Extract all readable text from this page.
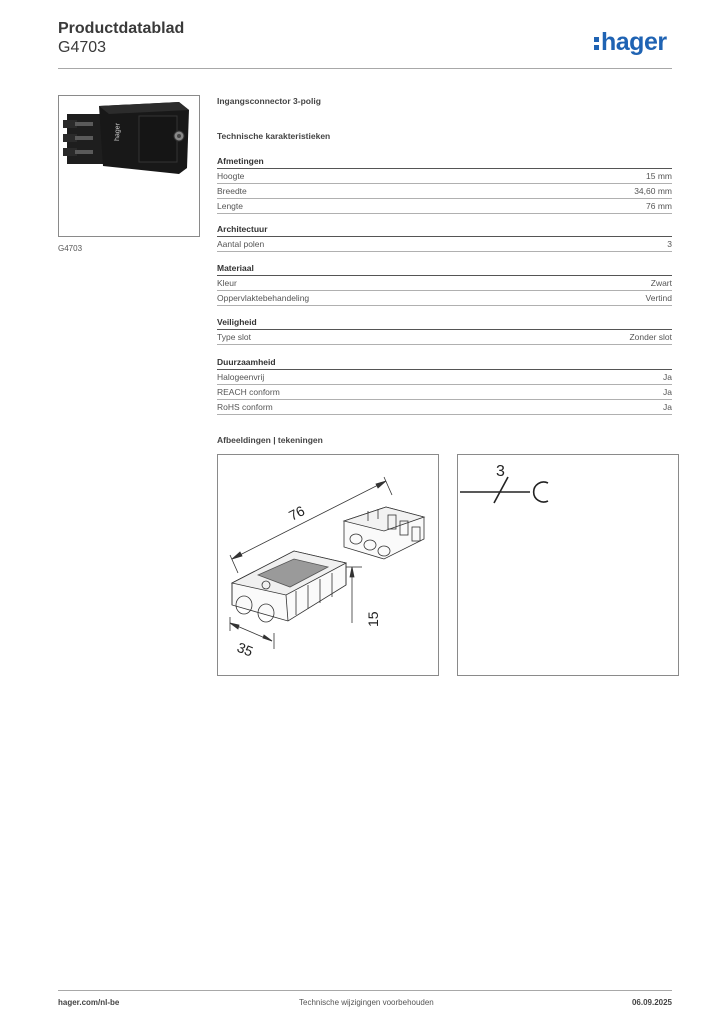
Productdatablad
G4703	hager
hager
G4703
Ingangsconnector 3-polig
Technische karakteristieken
Afmetingen
Hoogte	15 mm
Breedte	34,60 mm
Lengte	76 mm
Architectuur
Aantal polen	3
Materiaal
Kleur	Zwart
Oppervlaktebehandeling	Vertind
Veiligheid
Type slot	Zonder slot
Duurzaamheid
Halogeenvrij	Ja
REACH conform	Ja
RoHS conform	Ja
Afbeeldingen | tekeningen
76
15
35
3
hager.com/nl-be	Technische wijzigingen voorbehouden	06.09.2025
